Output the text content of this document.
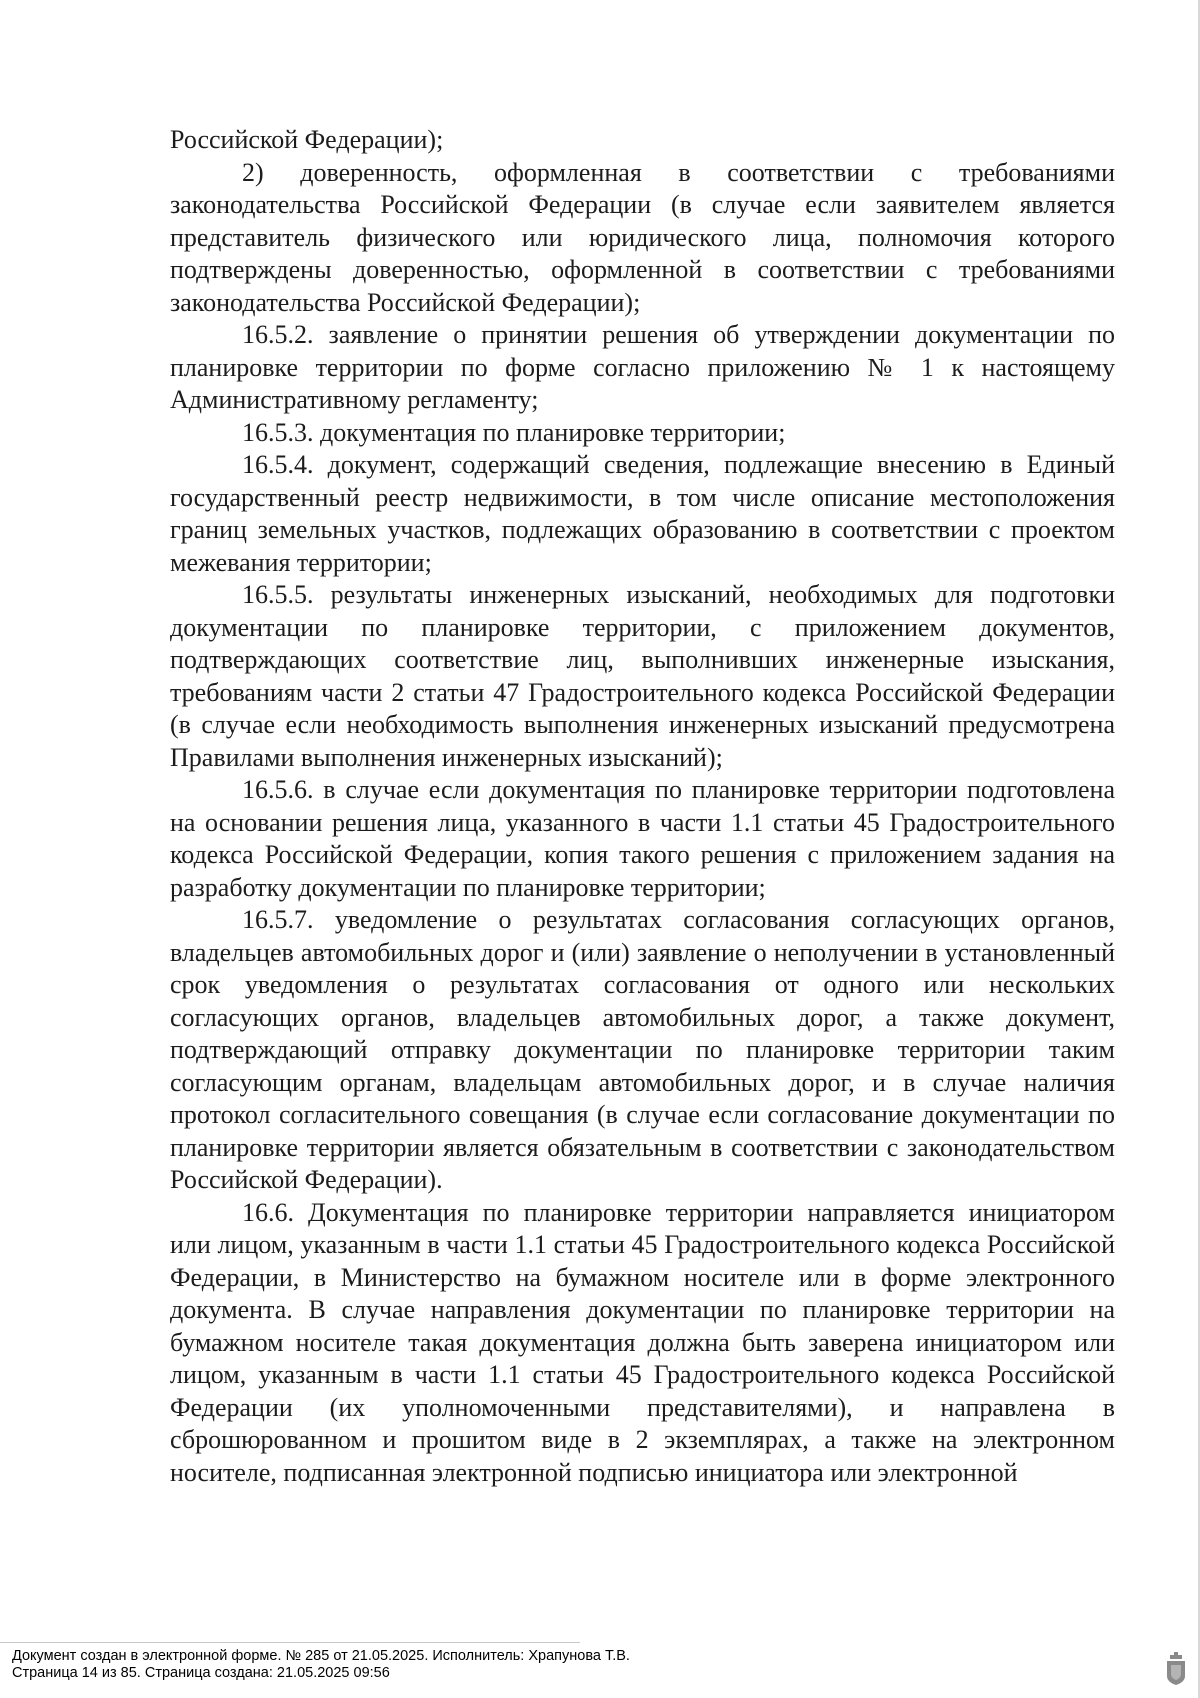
Российской Федерации);

2) доверенность, оформленная в соответствии с требованиями законодательства Российской Федерации (в случае если заявителем является представитель физического или юридического лица, полномочия которого подтверждены доверенностью, оформленной в соответствии с требованиями законодательства Российской Федерации);

16.5.2. заявление о принятии решения об утверждении документации по планировке территории по форме согласно приложению № 1 к настоящему Административному регламенту;

16.5.3. документация по планировке территории;

16.5.4. документ, содержащий сведения, подлежащие внесению в Единый государственный реестр недвижимости, в том числе описание местоположения границ земельных участков, подлежащих образованию в соответствии с проектом межевания территории;

16.5.5. результаты инженерных изысканий, необходимых для подготовки документации по планировке территории, с приложением документов, подтверждающих соответствие лиц, выполнивших инженерные изыскания, требованиям части 2 статьи 47 Градостроительного кодекса Российской Федерации (в случае если необходимость выполнения инженерных изысканий предусмотрена Правилами выполнения инженерных изысканий);

16.5.6. в случае если документация по планировке территории подготовлена на основании решения лица, указанного в части 1.1 статьи 45 Градостроительного кодекса Российской Федерации, копия такого решения с приложением задания на разработку документации по планировке территории;

16.5.7. уведомление о результатах согласования согласующих органов, владельцев автомобильных дорог и (или) заявление о неполучении в установленный срок уведомления о результатах согласования от одного или нескольких согласующих органов, владельцев автомобильных дорог, а также документ, подтверждающий отправку документации по планировке территории таким согласующим органам, владельцам автомобильных дорог, и в случае наличия протокол согласительного совещания (в случае если согласование документации по планировке территории является обязательным в соответствии с законодательством Российской Федерации).

16.6. Документация по планировке территории направляется инициатором или лицом, указанным в части 1.1 статьи 45 Градостроительного кодекса Российской Федерации, в Министерство на бумажном носителе или в форме электронного документа. В случае направления документации по планировке территории на бумажном носителе такая документация должна быть заверена инициатором или лицом, указанным в части 1.1 статьи 45 Градостроительного кодекса Российской Федерации (их уполномоченными представителями), и направлена в сброшюрованном и прошитом виде в 2 экземплярах, а также на электронном носителе, подписанная электронной подписью инициатора или электронной

Документ создан в электронной форме. № 285 от 21.05.2025. Исполнитель: Храпунова Т.В.
Страница 14 из 85. Страница создана: 21.05.2025 09:56
